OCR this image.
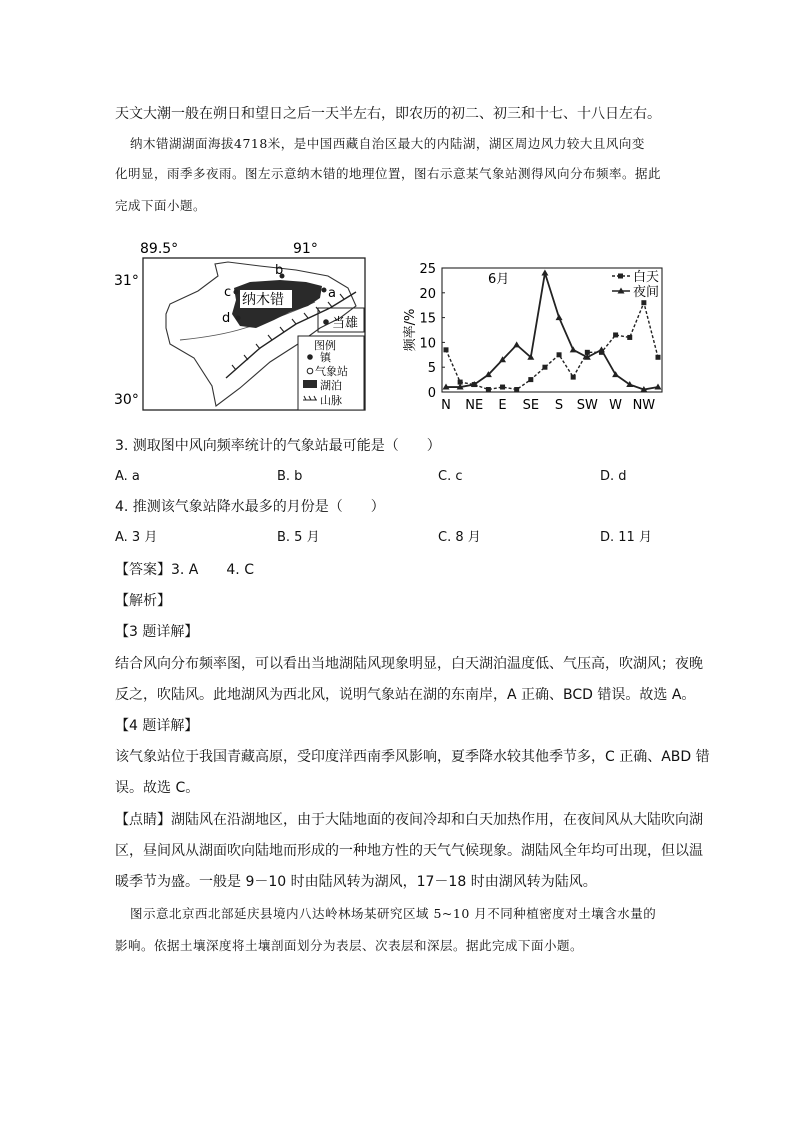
天文大潮一般在朔日和望日之后一天半左右，即农历的初二、初三和十七、十八日左右。
纳木错湖湖面海拔4718米，是中国西藏自治区最大的内陆湖，湖区周边风力较大且风向变
化明显，雨季多夜雨。图左示意纳木错的地理位置，图右示意某气象站测得风向分布频率。据此
完成下面小题。
89.5°	91°
31°
30°
纳木错	a
b
c
d	当雄
图例
镇
气象站
湖泊
山脉	0
5
10
15
20
25
N NE E SE S SW W NW
频率/%
6月	白天
夜间
3. 测取图中风向频率统计的气象站最可能是（　　）
A. a	B. b	C. c	D. d
4. 推测该气象站降水最多的月份是（　　）
A. 3 月	B. 5 月	C. 8 月	D. 11 月
【答案】3. A　　4. C
【解析】
【3 题详解】
结合风向分布频率图，可以看出当地湖陆风现象明显，白天湖泊温度低、气压高，吹湖风；夜晚
反之，吹陆风。此地湖风为西北风，说明气象站在湖的东南岸，A 正确、BCD 错误。故选 A。
【4 题详解】
该气象站位于我国青藏高原，受印度洋西南季风影响，夏季降水较其他季节多，C 正确、ABD 错
误。故选 C。
【点睛】湖陆风在沿湖地区，由于大陆地面的夜间冷却和白天加热作用，在夜间风从大陆吹向湖
区，昼间风从湖面吹向陆地而形成的一种地方性的天气气候现象。湖陆风全年均可出现，但以温
暖季节为盛。一般是 9－10 时由陆风转为湖风，17－18 时由湖风转为陆风。
图示意北京西北部延庆县境内八达岭林场某研究区域 5~10 月不同种植密度对土壤含水量的
影响。依据土壤深度将土壤剖面划分为表层、次表层和深层。据此完成下面小题。
